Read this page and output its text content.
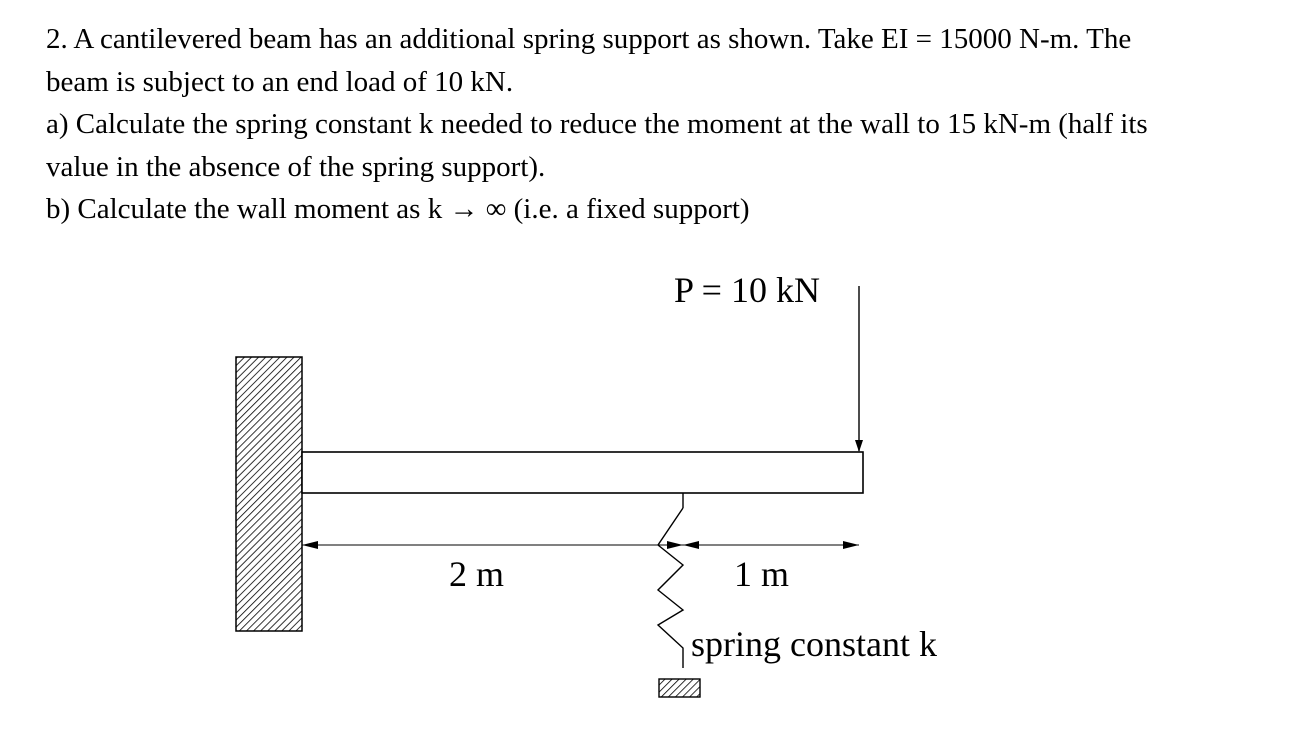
2. A cantilevered beam has an additional spring support as shown. Take EI = 15000 N-m. The

beam is subject to an end load of 10 kN.

a) Calculate the spring constant k needed to reduce the moment at the wall to 15 kN-m (half its

value in the absence of the spring support).

b) Calculate the wall moment as k → ∞ (i.e. a fixed support)

P = 10 kN
2 m	1 m
spring constant k
